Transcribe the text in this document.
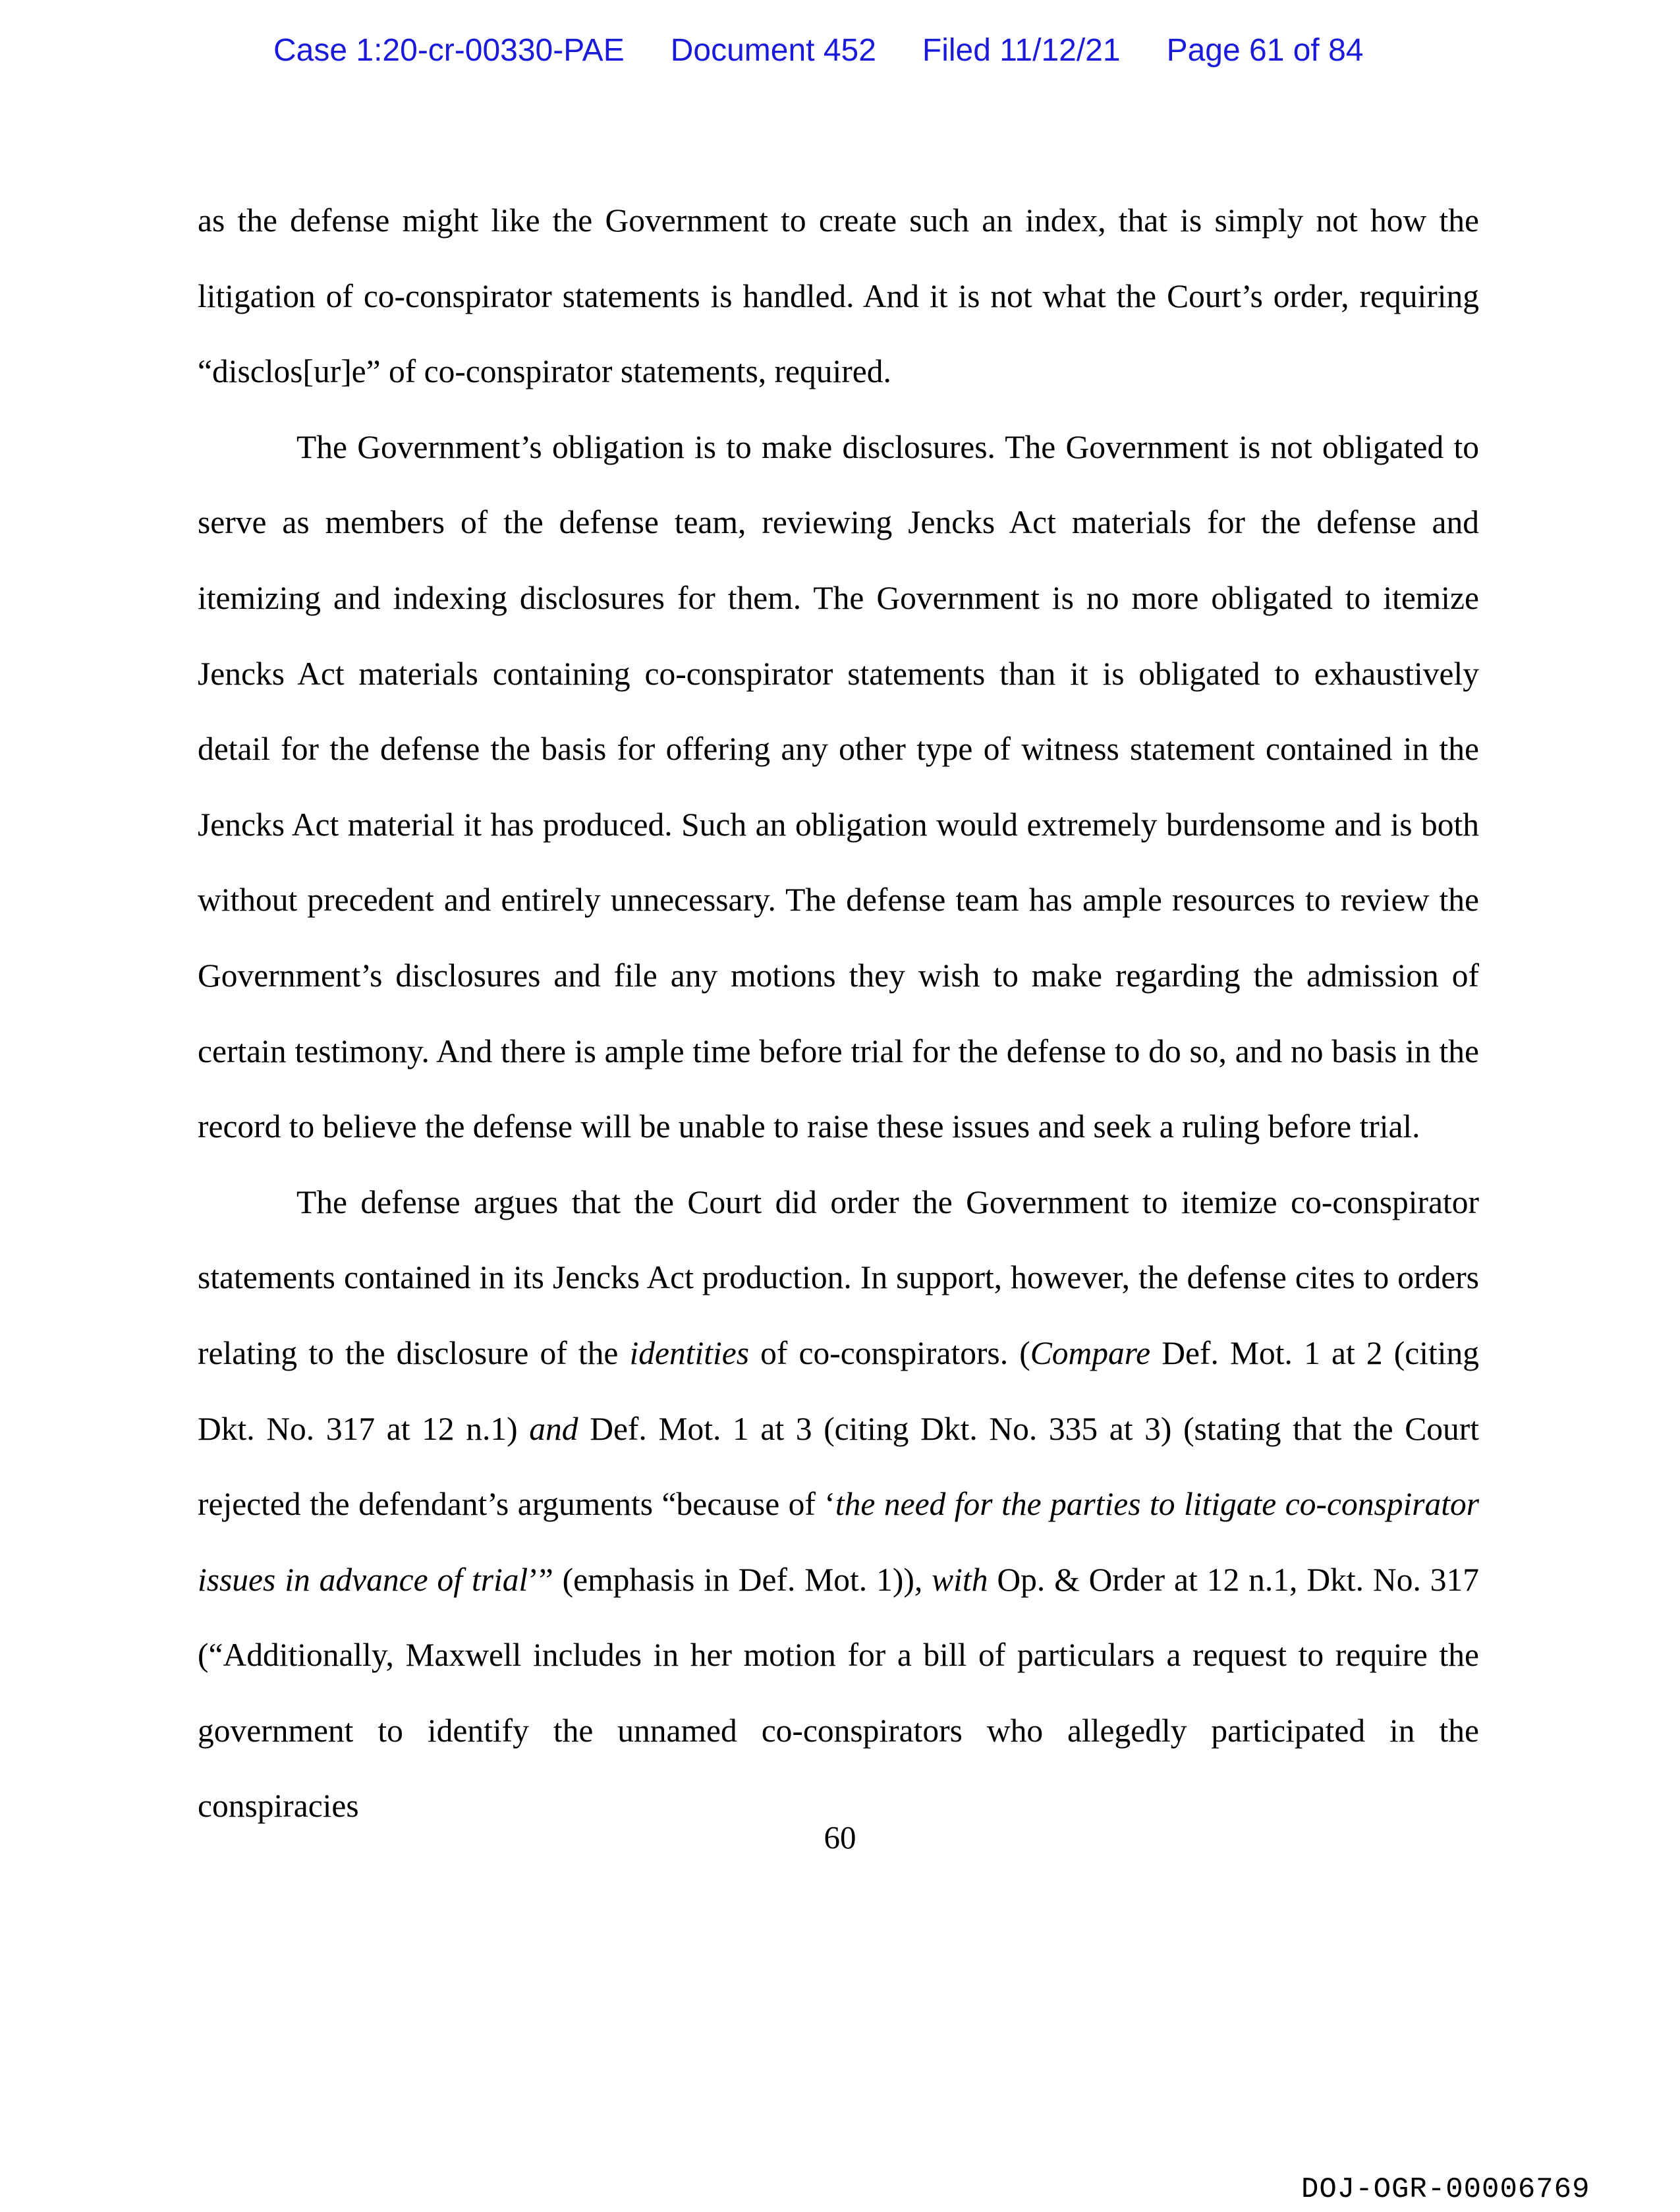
Case 1:20-cr-00330-PAE Document 452 Filed 11/12/21 Page 61 of 84

as the defense might like the Government to create such an index, that is simply not how the litigation of co-conspirator statements is handled. And it is not what the Court’s order, requiring “disclos[ur]e” of co-conspirator statements, required.

The Government’s obligation is to make disclosures. The Government is not obligated to serve as members of the defense team, reviewing Jencks Act materials for the defense and itemizing and indexing disclosures for them. The Government is no more obligated to itemize Jencks Act materials containing co-conspirator statements than it is obligated to exhaustively detail for the defense the basis for offering any other type of witness statement contained in the Jencks Act material it has produced. Such an obligation would extremely burdensome and is both without precedent and entirely unnecessary. The defense team has ample resources to review the Government’s disclosures and file any motions they wish to make regarding the admission of certain testimony. And there is ample time before trial for the defense to do so, and no basis in the record to believe the defense will be unable to raise these issues and seek a ruling before trial.

The defense argues that the Court did order the Government to itemize co-conspirator statements contained in its Jencks Act production. In support, however, the defense cites to orders relating to the disclosure of the identities of co-conspirators. (Compare Def. Mot. 1 at 2 (citing Dkt. No. 317 at 12 n.1) and Def. Mot. 1 at 3 (citing Dkt. No. 335 at 3) (stating that the Court rejected the defendant’s arguments “because of ‘the need for the parties to litigate co-conspirator issues in advance of trial’” (emphasis in Def. Mot. 1)), with Op. & Order at 12 n.1, Dkt. No. 317 (“Additionally, Maxwell includes in her motion for a bill of particulars a request to require the government to identify the unnamed co-conspirators who allegedly participated in the conspiracies

60
DOJ-OGR-00006769
